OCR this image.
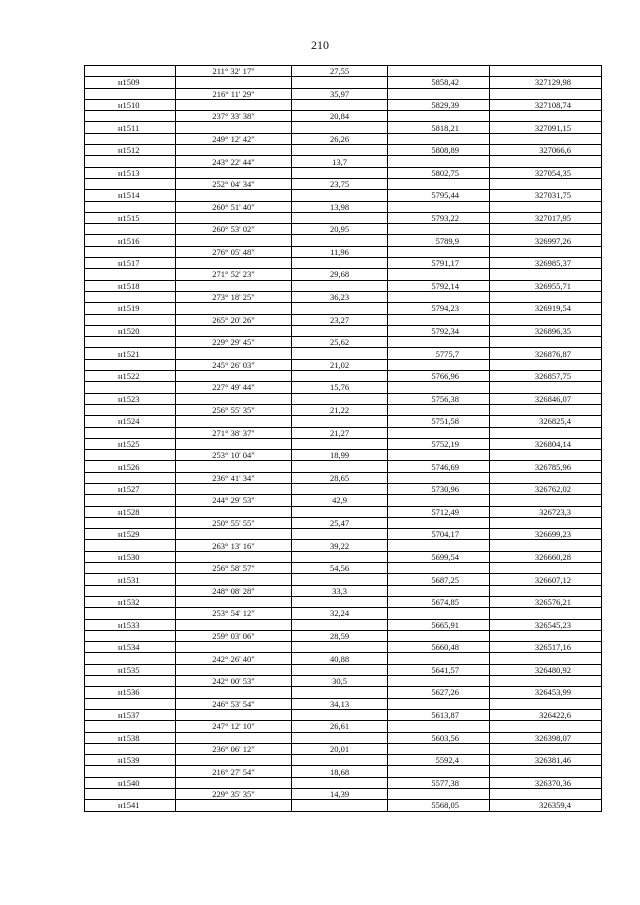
210
	211° 32' 17"	27,55		
н1509			5858,42	327129,98
	216° 11' 29"	35,97		
н1510			5829,39	327108,74
	237° 33' 38"	20,84		
н1511			5818,21	327091,15
	249° 12' 42"	26,26		
н1512			5808,89	327066,6
	243° 22' 44"	13,7		
н1513			5802,75	327054,35
	252° 04' 34"	23,75		
н1514			5795,44	327031,75
	260° 51' 40"	13,98		
н1515			5793,22	327017,95
	260° 53' 02"	20,95		
н1516			5789,9	326997,26
	276° 05' 48"	11,96		
н1517			5791,17	326985,37
	271° 52' 23"	29,68		
н1518			5792,14	326955,71
	273° 18' 25"	36,23		
н1519			5794,23	326919,54
	265° 20' 26"	23,27		
н1520			5792,34	326896,35
	229° 29' 45"	25,62		
н1521			5775,7	326876,87
	245° 26' 03"	21,02		
н1522			5766,96	326857,75
	227° 49' 44"	15,76		
н1523			5756,38	326846,07
	256° 55' 35"	21,22		
н1524			5751,58	326825,4
	271° 38' 37"	21,27		
н1525			5752,19	326804,14
	253° 10' 04"	18,99		
н1526			5746,69	326785,96
	236° 41' 34"	28,65		
н1527			5730,96	326762,02
	244° 29' 53"	42,9		
н1528			5712,49	326723,3
	250° 55' 55"	25,47		
н1529			5704,17	326699,23
	263° 13' 16"	39,22		
н1530			5699,54	326660,28
	256° 58' 57"	54,56		
н1531			5687,25	326607,12
	248° 08' 28"	33,3		
н1532			5674,85	326576,21
	253° 54' 12"	32,24		
н1533			5665,91	326545,23
	259° 03' 06"	28,59		
н1534			5660,48	326517,16
	242° 26' 40"	40,88		
н1535			5641,57	326480,92
	242° 00' 53"	30,5		
н1536			5627,26	326453,99
	246° 53' 54"	34,13		
н1537			5613,87	326422,6
	247° 12' 10"	26,61		
н1538			5603,56	326398,07
	236° 06' 12"	20,01		
н1539			5592,4	326381,46
	216° 27' 54"	18,68		
н1540			5577,38	326370,36
	229° 35' 35"	14,39		
н1541			5568,05	326359,4
